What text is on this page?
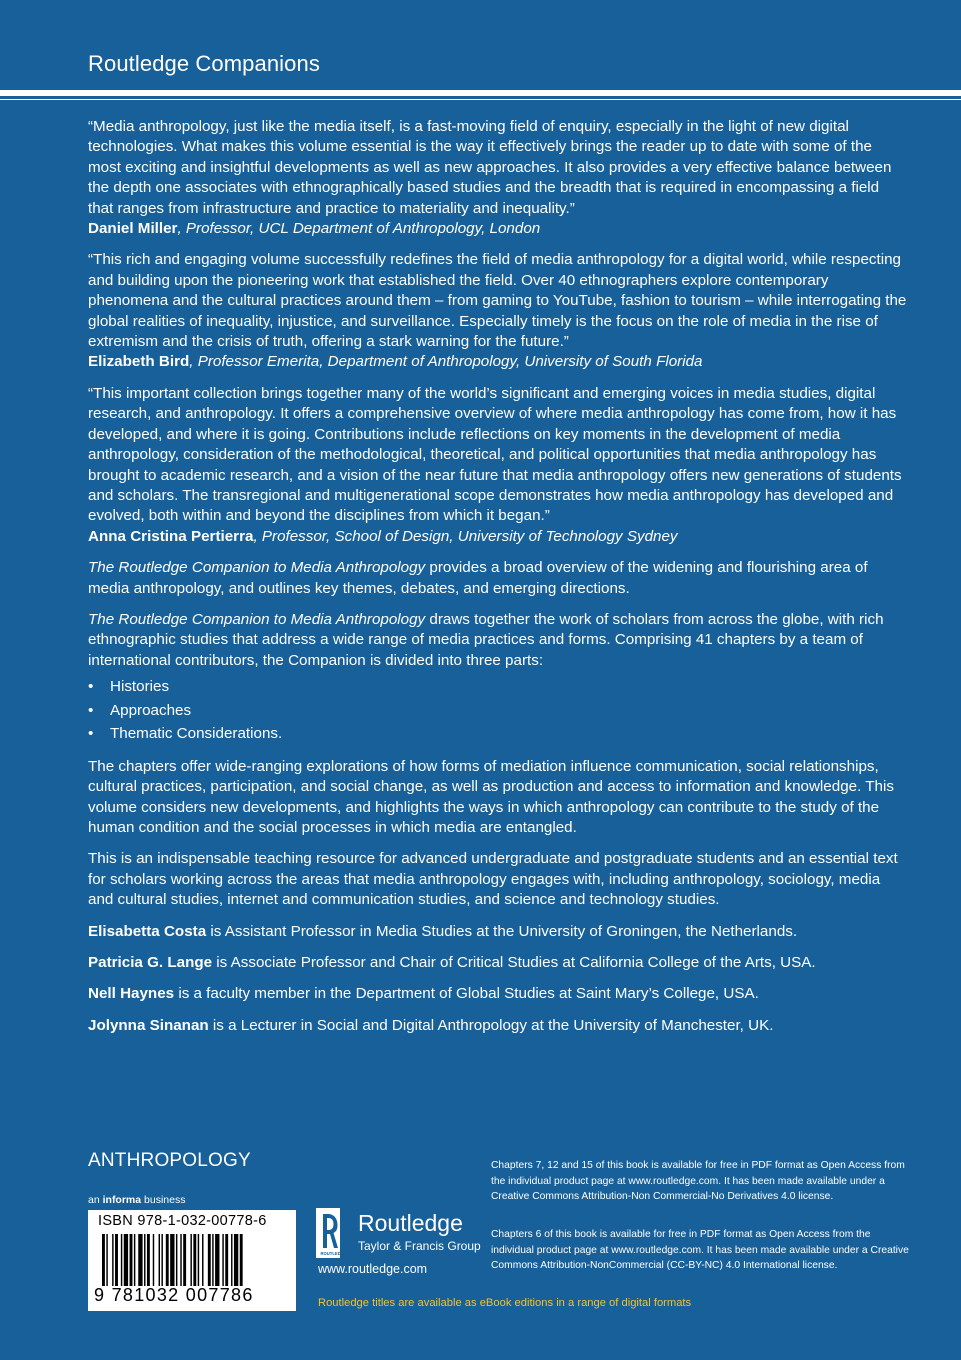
Routledge Companions

“Media anthropology, just like the media itself, is a fast-moving field of enquiry, especially in the light of new digital technologies. What makes this volume essential is the way it effectively brings the reader up to date with some of the most exciting and insightful developments as well as new approaches. It also provides a very effective balance between the depth one associates with ethnographically based studies and the breadth that is required in encompassing a field that ranges from infrastructure and practice to materiality and inequality.”
Daniel Miller, Professor, UCL Department of Anthropology, London

“This rich and engaging volume successfully redefines the field of media anthropology for a digital world, while respecting and building upon the pioneering work that established the field. Over 40 ethnographers explore contemporary phenomena and the cultural practices around them – from gaming to YouTube, fashion to tourism – while interrogating the global realities of inequality, injustice, and surveillance. Especially timely is the focus on the role of media in the rise of extremism and the crisis of truth, offering a stark warning for the future.”
Elizabeth Bird, Professor Emerita, Department of Anthropology, University of South Florida

“This important collection brings together many of the world’s significant and emerging voices in media studies, digital research, and anthropology. It offers a comprehensive overview of where media anthropology has come from, how it has developed, and where it is going. Contributions include reflections on key moments in the development of media anthropology, consideration of the methodological, theoretical, and political opportunities that media anthropology has brought to academic research, and a vision of the near future that media anthropology offers new generations of students and scholars. The transregional and multigenerational scope demonstrates how media anthropology has developed and evolved, both within and beyond the disciplines from which it began.”
Anna Cristina Pertierra, Professor, School of Design, University of Technology Sydney

The Routledge Companion to Media Anthropology provides a broad overview of the widening and flourishing area of media anthropology, and outlines key themes, debates, and emerging directions.

The Routledge Companion to Media Anthropology draws together the work of scholars from across the globe, with rich ethnographic studies that address a wide range of media practices and forms. Comprising 41 chapters by a team of international contributors, the Companion is divided into three parts:

• Histories
• Approaches
• Thematic Considerations.

The chapters offer wide-ranging explorations of how forms of mediation influence communication, social relationships, cultural practices, participation, and social change, as well as production and access to information and knowledge. This volume considers new developments, and highlights the ways in which anthropology can contribute to the study of the human condition and the social processes in which media are entangled.

This is an indispensable teaching resource for advanced undergraduate and postgraduate students and an essential text for scholars working across the areas that media anthropology engages with, including anthropology, sociology, media and cultural studies, internet and communication studies, and science and technology studies.

Elisabetta Costa is Assistant Professor in Media Studies at the University of Groningen, the Netherlands.

Patricia G. Lange is Associate Professor and Chair of Critical Studies at California College of the Arts, USA.

Nell Haynes is a faculty member in the Department of Global Studies at Saint Mary’s College, USA.

Jolynna Sinanan is a Lecturer in Social and Digital Anthropology at the University of Manchester, UK.

ANTHROPOLOGY
an informa business
ISBN 978-1-032-00778-6
9 781032 007786
ROUTLEDGE
Routledge
Taylor & Francis Group
www.routledge.com
Chapters 7, 12 and 15 of this book is available for free in PDF format as Open Access from the individual product page at www.routledge.com. It has been made available under a Creative Commons Attribution-Non Commercial-No Derivatives 4.0 license.
Chapters 6 of this book is available for free in PDF format as Open Access from the individual product page at www.routledge.com. It has been made available under a Creative Commons Attribution-NonCommercial (CC-BY-NC) 4.0 International license.
Routledge titles are available as eBook editions in a range of digital formats
